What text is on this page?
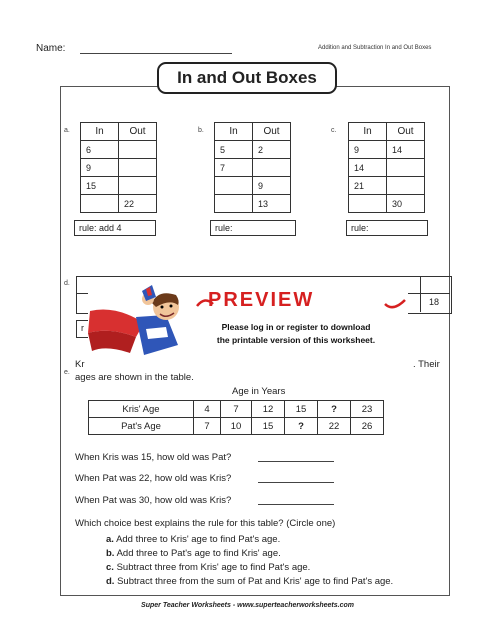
Name:	Addition and Subtraction In and Out Boxes
In and Out Boxes
a.	In	Out
6	
9	
15	
	22
rule: add 4
b.	In	Out
5	2
7	
	9
	13
rule:
c.	In	Out
9	14
14	
21	
	30
rule:
d.
18
r
PREVIEW
Please log in or register to download
the printable version of this worksheet.
e.
Kr	. Their
ages are shown in the table.
Age in Years
Kris' Age	4	7	12	15	?	23
Pat's Age	7	10	15	?	22	26
When Kris was 15, how old was Pat?
When Pat was 22, how old was Kris?
When Pat was 30, how old was Kris?
Which choice best explains the rule for this table? (Circle one)
a. Add three to Kris' age to find Pat's age.
b. Add three to Pat's age to find Kris' age.
c. Subtract three from Kris' age to find Pat's age.
d. Subtract three from the sum of Pat and Kris' age to find Pat's age.
Super Teacher Worksheets - www.superteacherworksheets.com
